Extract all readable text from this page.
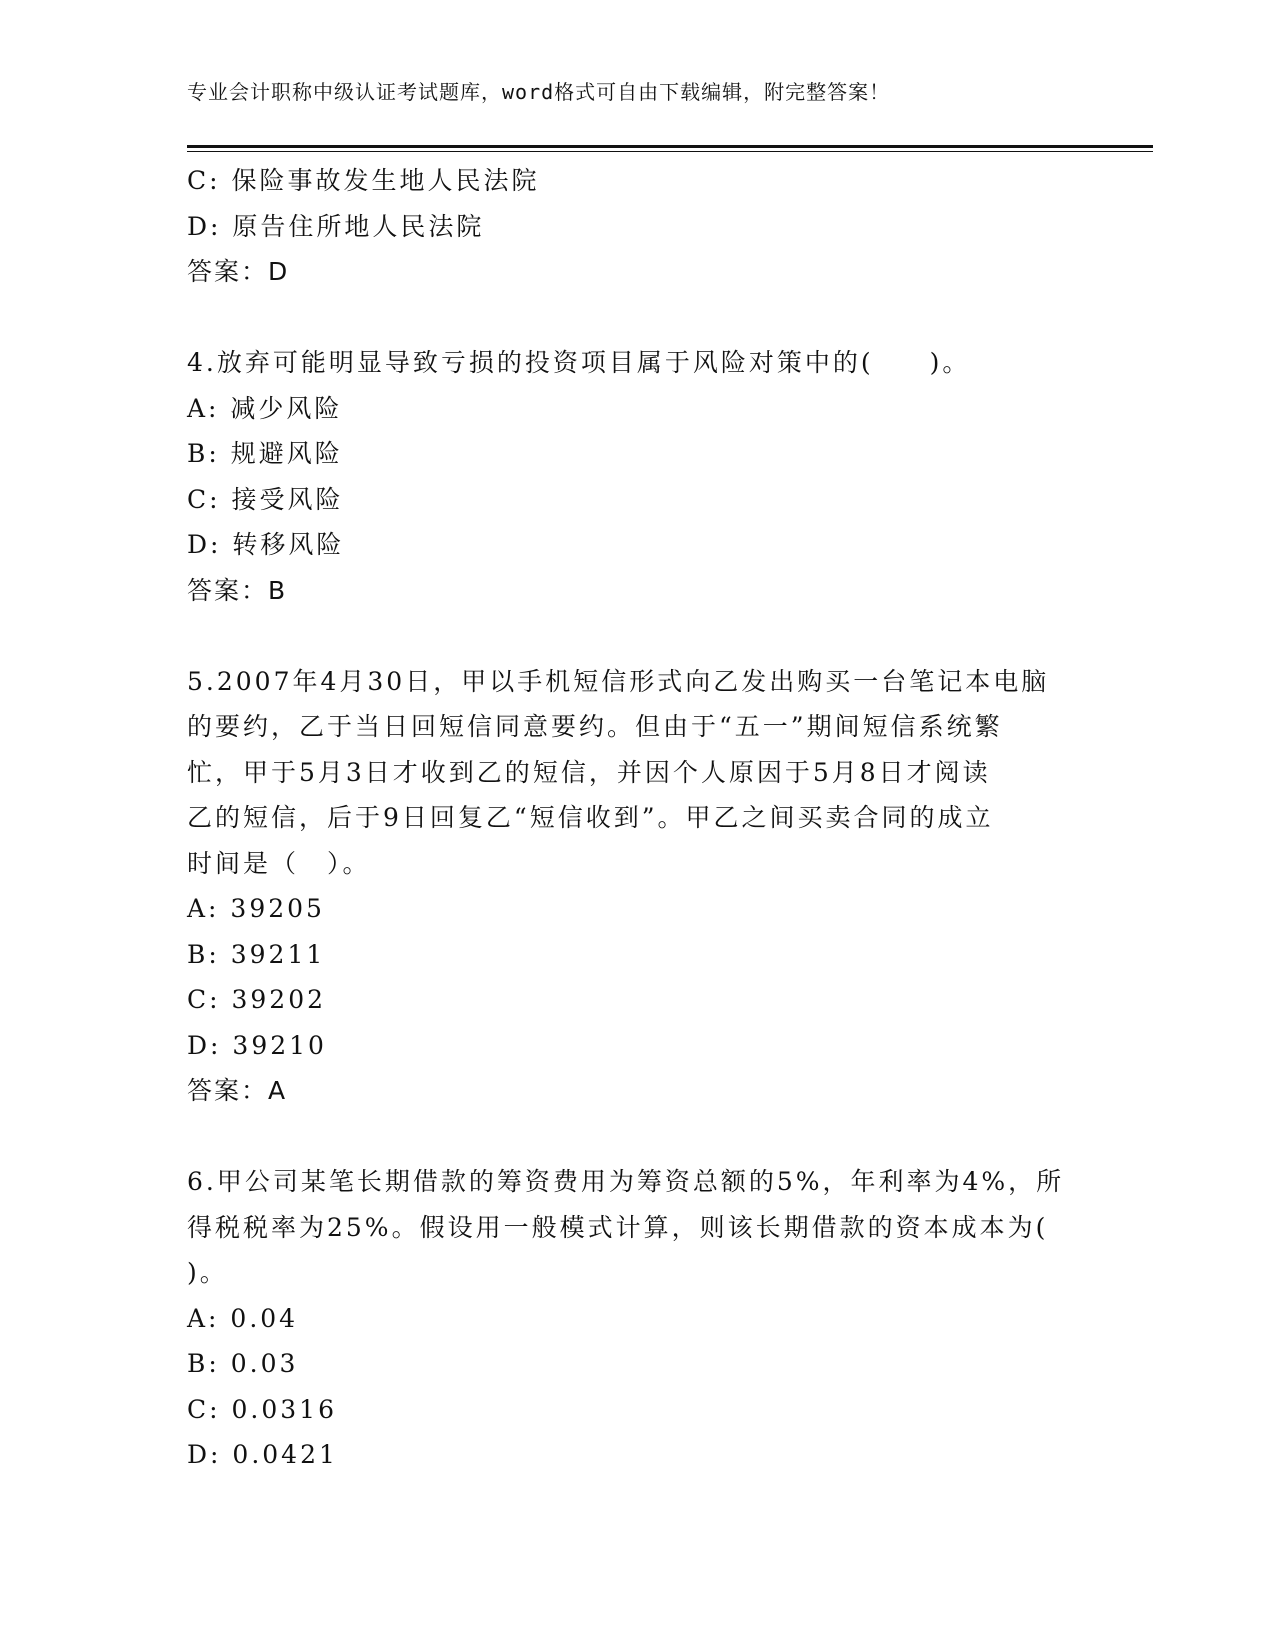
专业会计职称中级认证考试题库，word格式可自由下载编辑，附完整答案！
C: 保险事故发生地人民法院
D: 原告住所地人民法院
答案：D
4.放弃可能明显导致亏损的投资项目属于风险对策中的(　　)。
A: 减少风险
B: 规避风险
C: 接受风险
D: 转移风险
答案：B
5.2007年4月30日，甲以手机短信形式向乙发出购买一台笔记本电脑
的要约，乙于当日回短信同意要约。但由于“五一”期间短信系统繁
忙，甲于5月3日才收到乙的短信，并因个人原因于5月8日才阅读
乙的短信，后于9日回复乙“短信收到”。甲乙之间买卖合同的成立
时间是（　）。
A: 39205
B: 39211
C: 39202
D: 39210
答案：A
6.甲公司某笔长期借款的筹资费用为筹资总额的5%，年利率为4%，所
得税税率为25%。假设用一般模式计算，则该长期借款的资本成本为(
)。
A: 0.04
B: 0.03
C: 0.0316
D: 0.0421
